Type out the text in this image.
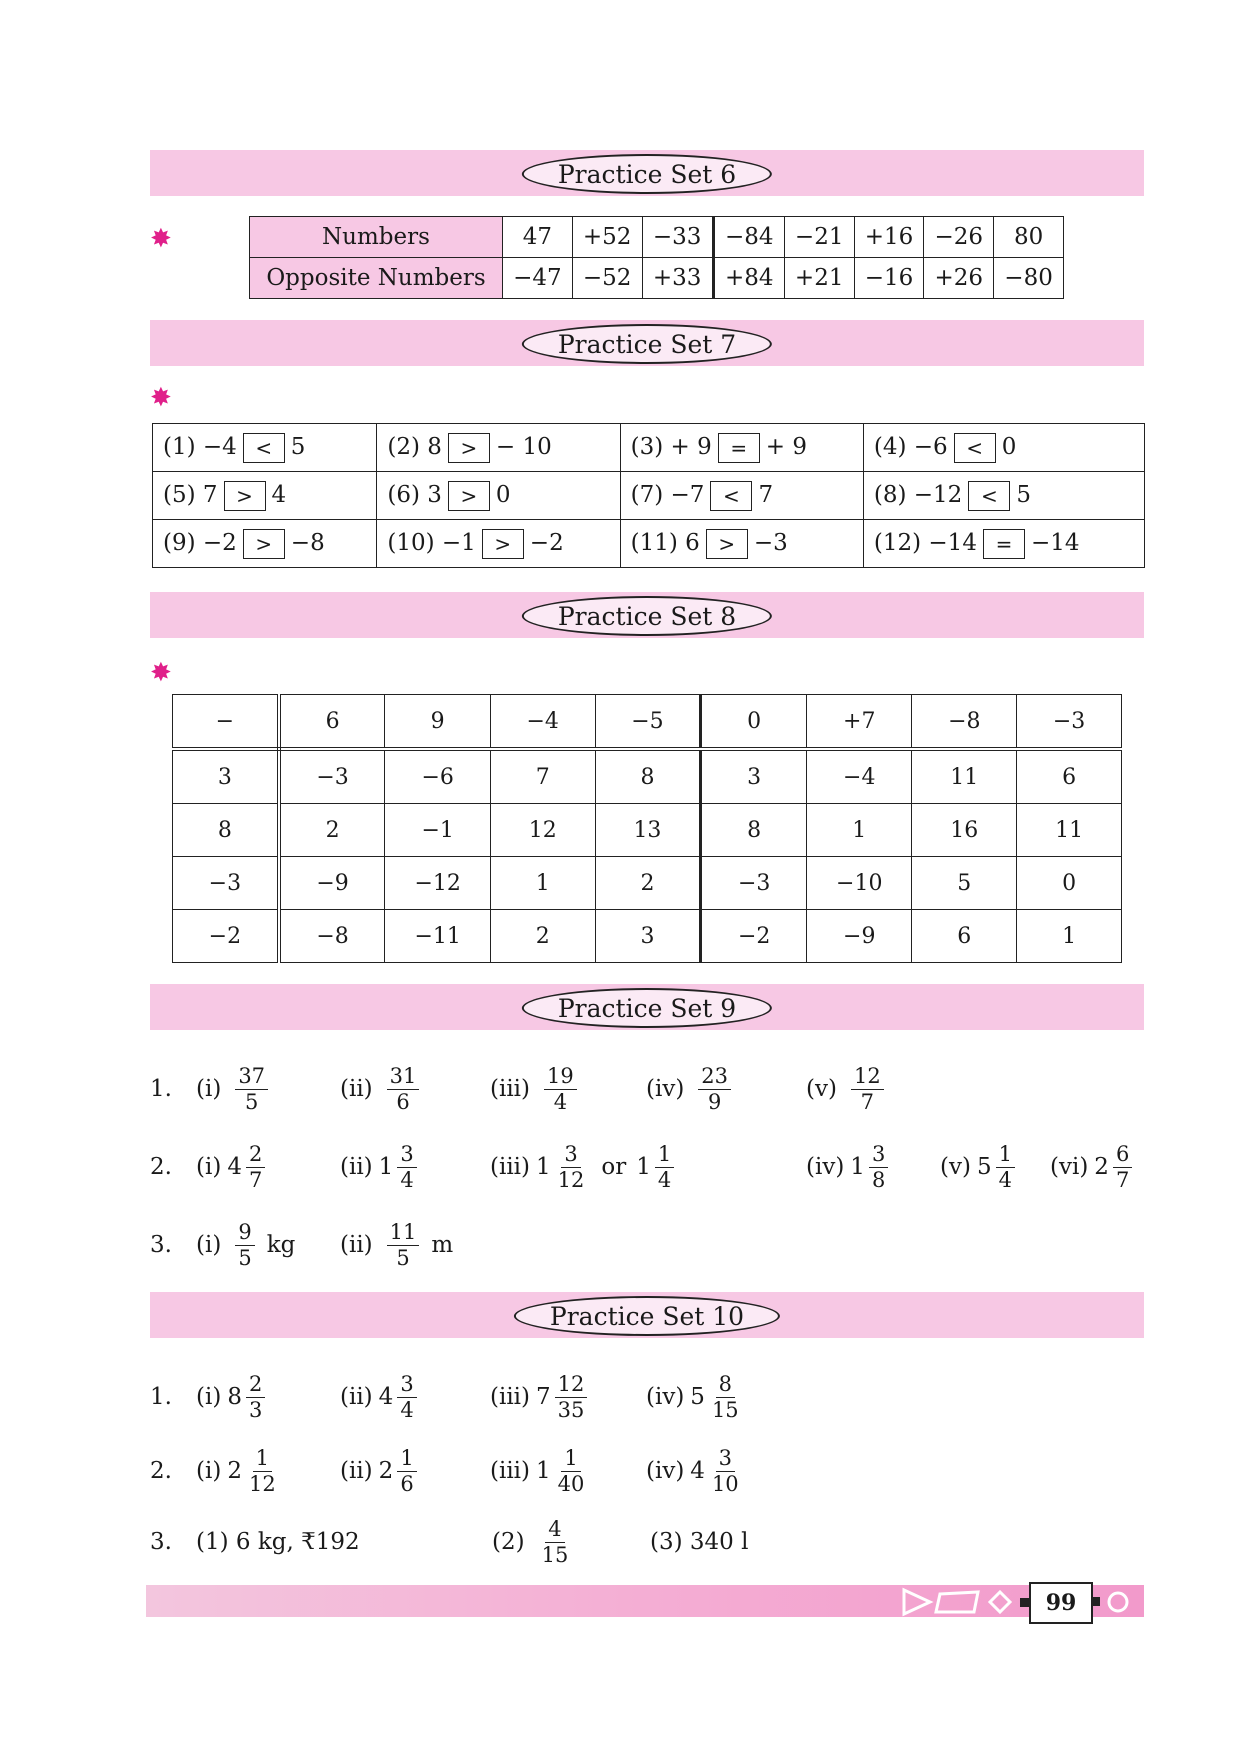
Practice Set 6
✸	Numbers	47	+52	−33	−84	−21	+16	−26	80
Opposite Numbers	−47	−52	+33	+84	+21	−16	+26	−80
Practice Set 7
✸
(1) −4 < 5	(2) 8 > − 10	(3) + 9 = + 9	(4) −6 < 0
(5) 7 > 4	(6) 3 > 0	(7) −7 < 7	(8) −12 < 5
(9) −2 > −8	(10) −1 > −2	(11) 6 > −3	(12) −14 = −14
Practice Set 8
✸
−	6	9	−4	−5	0	+7	−8	−3
3	−3	−6	7	8	3	−4	11	6
8	2	−1	12	13	8	1	16	11
−3	−9	−12	1	2	−3	−10	5	0
−2	−8	−11	2	3	−2	−9	6	1
Practice Set 9
1. $(i) \frac{37}{5}$	$(ii) \frac{31}{6}$	$(iii) \frac{19}{4}$	$(iv) \frac{23}{9}$	$(v) \frac{12}{7}$
2. (i) $4 \frac{2}{7}$	(ii) $1 \frac{3}{4}$	(iii) $1 \frac{3}{12}$ or $1 \frac{1}{4}$	(iv) $1 \frac{3}{8} (v)$ $5 \frac{1}{4} (vi)$ $2 \frac{6}{7}$
3. $(i) \frac{9}{5}$ kg $(ii) \frac{11}{5}$ m
Practice Set 10
1. (i) $8 \frac{2}{3}$	(ii) $4 \frac{3}{4}$	(iii) $7 \frac{12}{35}$	(iv) $5 \frac{8}{15}$
2. (i) $2 \frac{1}{12}$	(ii) $2 \frac{1}{6}$	(iii) $1 \frac{1}{40}$	(iv) $4 \frac{3}{10}$
3. (1) 6 kg, ₹192	$(2) \frac{4}{15}$	(3) 340 l
99
